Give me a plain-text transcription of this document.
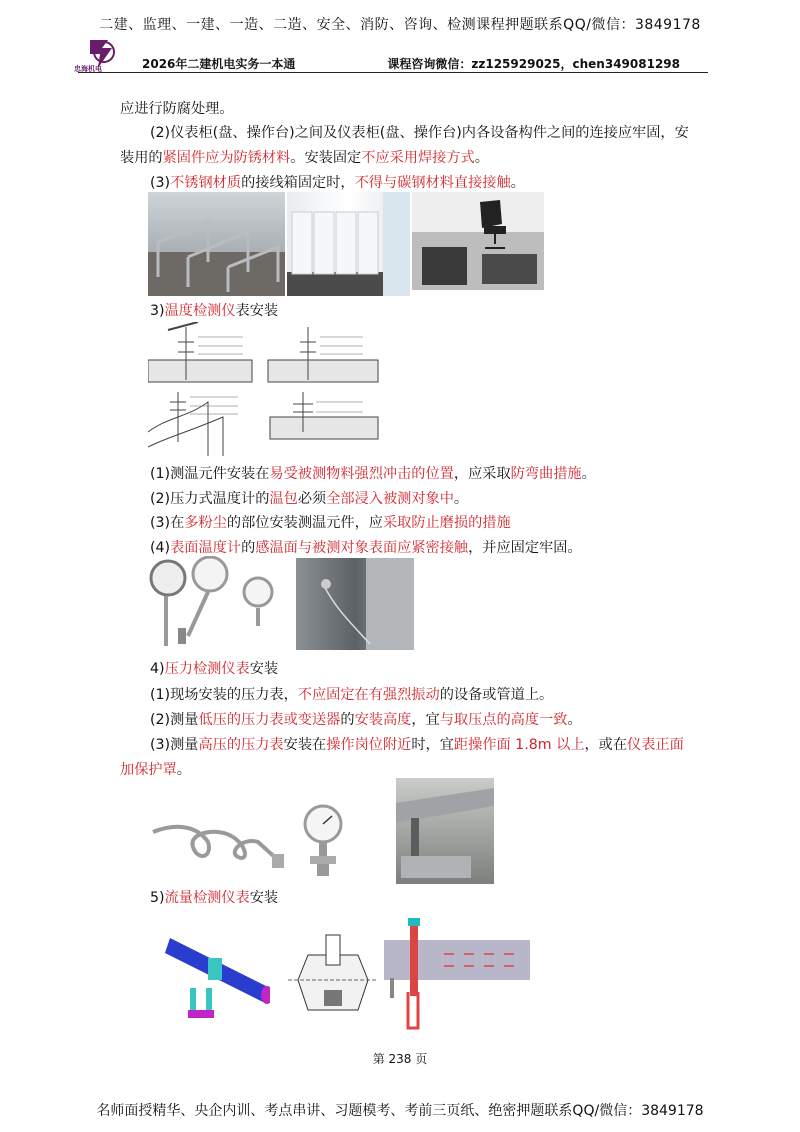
二建、监理、一建、一造、二造、安全、消防、咨询、检测课程押题联系QQ/微信：3849178
忠海机电	2026年二建机电实务一本通	课程咨询微信：zz125929025，chen349081298
应进行防腐处理。
(2)仪表柜(盘、操作台)之间及仪表柜(盘、操作台)内各设备构件之间的连接应牢固，安
装用的紧固件应为防锈材料。安装固定不应采用焊接方式。
(3)不锈钢材质的接线箱固定时，不得与碳钢材料直接接触。
3)温度检测仪表安装
(1)测温元件安装在易受被测物料强烈冲击的位置，应采取防弯曲措施。
(2)压力式温度计的温包必须全部浸入被测对象中。
(3)在多粉尘的部位安装测温元件，应采取防止磨损的措施
(4)表面温度计的感温面与被测对象表面应紧密接触，并应固定牢固。
4)压力检测仪表安装
(1)现场安装的压力表，不应固定在有强烈振动的设备或管道上。
(2)测量低压的压力表或变送器的安装高度，宜与取压点的高度一致。
(3)测量高压的压力表安装在操作岗位附近时，宜距操作面 1.8m 以上，或在仪表正面
加保护罩。
5)流量检测仪表安装
第 238 页
名师面授精华、央企内训、考点串讲、习题模考、考前三页纸、绝密押题联系QQ/微信：3849178
